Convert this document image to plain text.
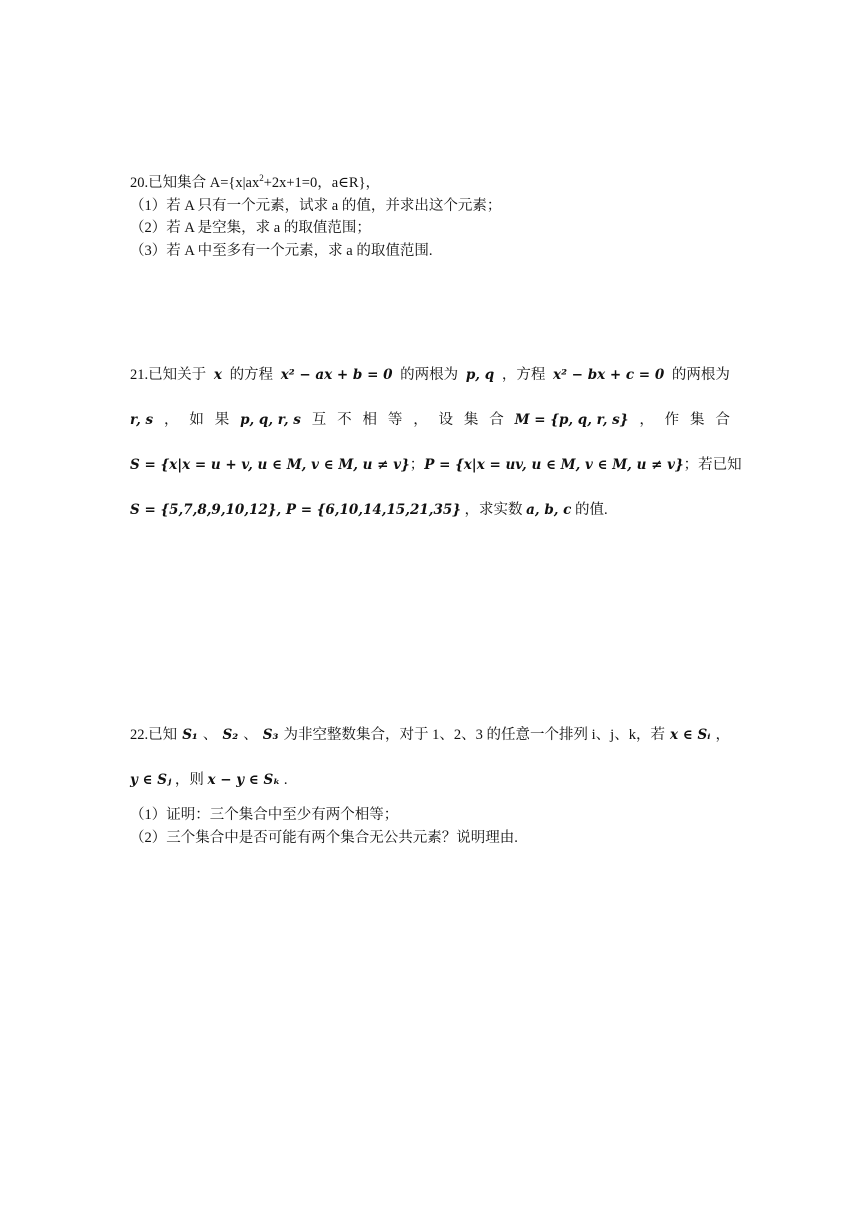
20.已知集合 $A=\{x|ax^2+2x+1=0$，a∈R}，
（1）若 A 只有一个元素，试求 a 的值，并求出这个元素；
（2）若 A 是空集，求 a 的取值范围；
（3）若 A 中至多有一个元素，求 a 的取值范围.
21.已知关于 x 的方程 x² − ax + b = 0 的两根为 p, q ，方程 x² − bx + c = 0 的两根为
r, s ， 如 果 p, q, r, s 互 不 相 等 ， 设 集 合 M = {p, q, r, s} ， 作 集 合
S = {x|x = u + v, u ∈ M, v ∈ M, u ≠ v} ； P = {x|x = uv, u ∈ M, v ∈ M, u ≠ v} ；若已知
S = {5,7,8,9,10,12}, P = {6,10,14,15,21,35} ，求实数 a, b, c 的值.
22.已知 S₁ 、 S₂ 、 S₃ 为非空整数集合，对于 1、2、3 的任意一个排列 i、j、k，若 x ∈ Sᵢ ，
y ∈ Sⱼ ，则 x − y ∈ Sₖ .
（1）证明：三个集合中至少有两个相等；
（2）三个集合中是否可能有两个集合无公共元素？说明理由.
